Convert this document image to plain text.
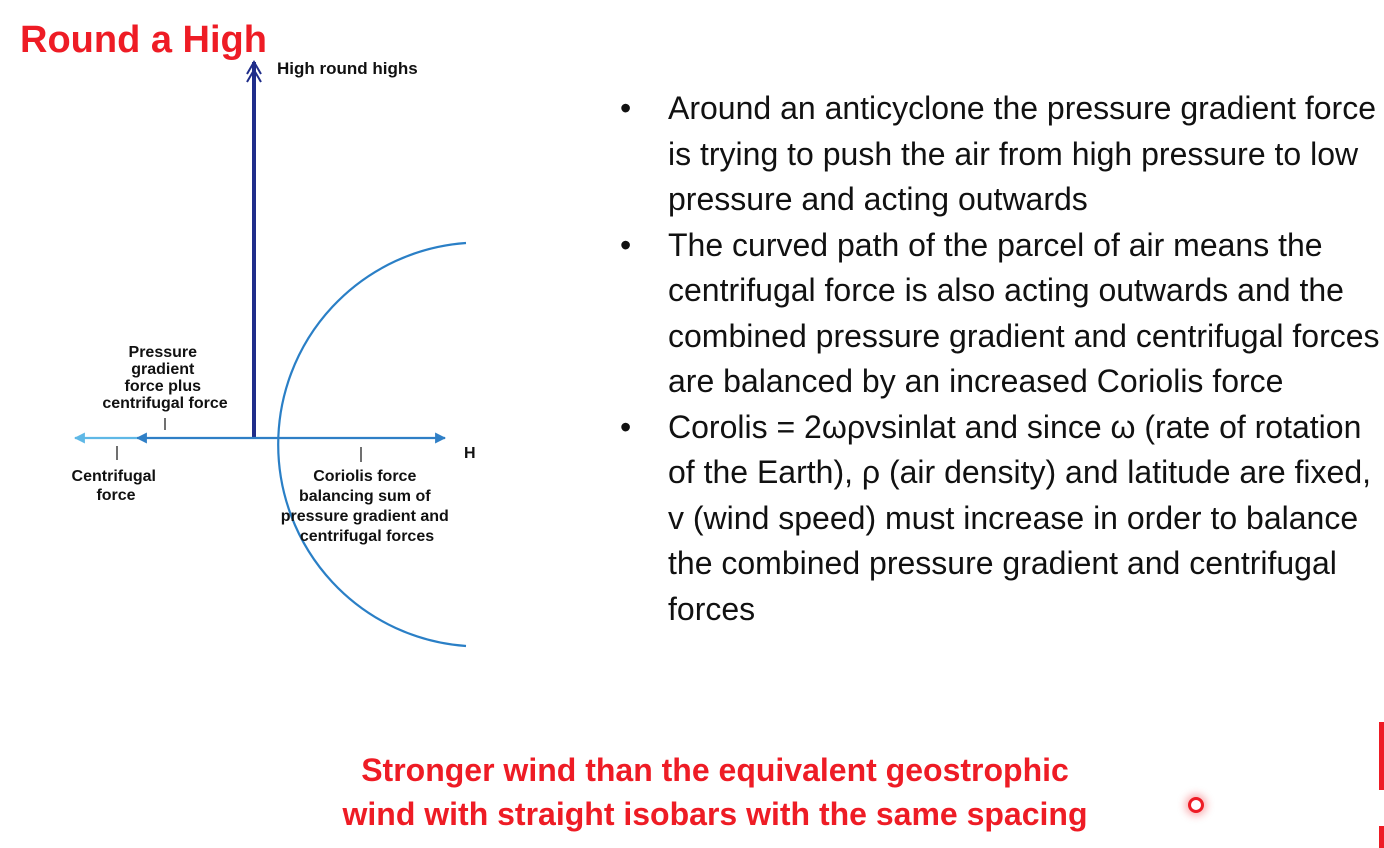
Round a High
High round highs
H
Pressure gradient force plus centrifugal force
Centrifugal force
Coriolis force balancing sum of pressure gradient and centrifugal forces
• Around an anticyclone the pressure gradient force is trying to push the air from high pressure to low pressure and acting outwards
• The curved path of the parcel of air means the centrifugal force is also acting outwards and the combined pressure gradient and centrifugal forces are balanced by an increased Coriolis force
• Corolis = 2ωρvsinlat and since ω (rate of rotation of the Earth), ρ (air density) and latitude are fixed, v (wind speed) must increase in order to balance the combined pressure gradient and centrifugal forces
Stronger wind than the equivalent geostrophic
wind with straight isobars with the same spacing
